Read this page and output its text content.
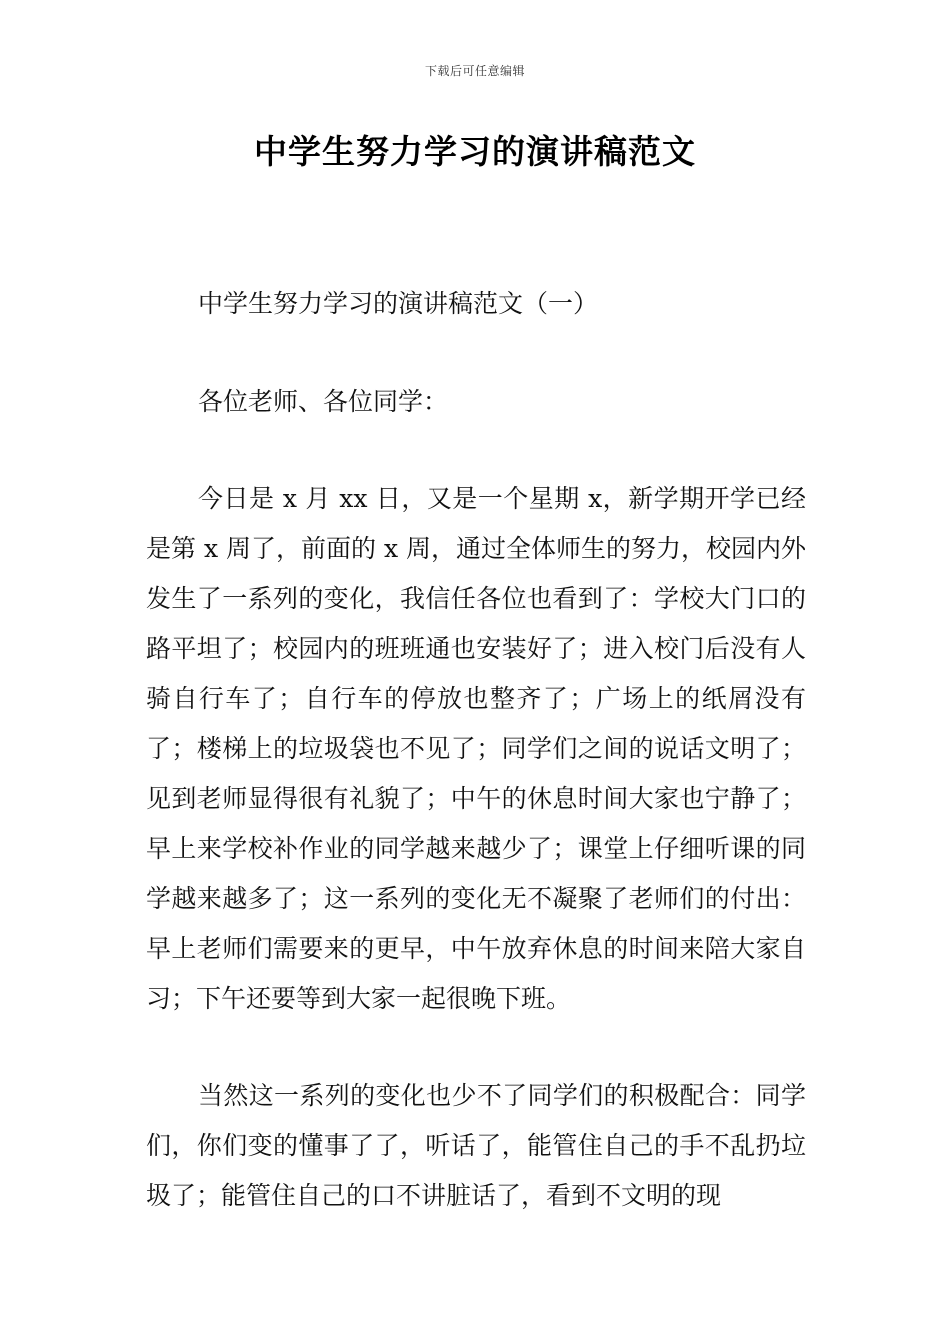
下载后可任意编辑
中学生努力学习的演讲稿范文

中学生努力学习的演讲稿范文（一）

各位老师、各位同学：

今日是 x 月 xx 日，又是一个星期 x，新学期开学已经是第 x 周了，前面的 x 周，通过全体师生的努力，校园内外发生了一系列的变化，我信任各位也看到了：学校大门口的路平坦了；校园内的班班通也安装好了；进入校门后没有人骑自行车了；自行车的停放也整齐了；广场上的纸屑没有了；楼梯上的垃圾袋也不见了；同学们之间的说话文明了；见到老师显得很有礼貌了；中午的休息时间大家也宁静了；早上来学校补作业的同学越来越少了；课堂上仔细听课的同学越来越多了；这一系列的变化无不凝聚了老师们的付出：早上老师们需要来的更早，中午放弃休息的时间来陪大家自习；下午还要等到大家一起很晚下班。

当然这一系列的变化也少不了同学们的积极配合：同学们，你们变的懂事了了，听话了，能管住自己的手不乱扔垃圾了；能管住自己的口不讲脏话了，看到不文明的现
